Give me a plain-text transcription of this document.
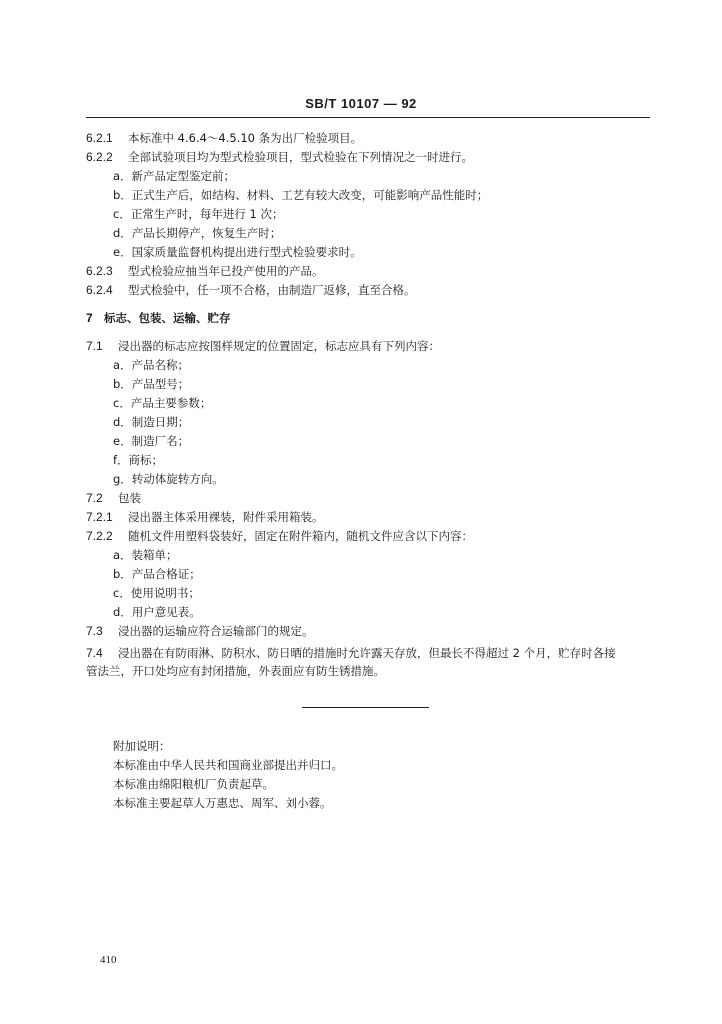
SB/T 10107 — 92
6.2.1 本标准中 4.6.4～4.5.10 条为出厂检验项目。
6.2.2 全部试验项目均为型式检验项目，型式检验在下列情况之一时进行。
a．新产品定型鉴定前；
b．正式生产后，如结构、材料、工艺有较大改变，可能影响产品性能时；
c．正常生产时，每年进行 1 次；
d．产品长期停产，恢复生产时；
e．国家质量监督机构提出进行型式检验要求时。
6.2.3 型式检验应抽当年已投产使用的产品。
6.2.4 型式检验中，任一项不合格，由制造厂返修，直至合格。
7 标志、包装、运输、贮存
7.1 浸出器的标志应按图样规定的位置固定，标志应具有下列内容：
a．产品名称；
b．产品型号；
c．产品主要参数；
d．制造日期；
e．制造厂名；
f．商标；
g．转动体旋转方向。
7.2 包装
7.2.1 浸出器主体采用裸装，附件采用箱装。
7.2.2 随机文件用塑料袋装好，固定在附件箱内，随机文件应含以下内容：
a．装箱单；
b．产品合格证；
c．使用说明书；
d．用户意见表。
7.3 浸出器的运输应符合运输部门的规定。
7.4 浸出器在有防雨淋、防积水、防日晒的措施时允许露天存放，但最长不得超过 2 个月，贮存时各接
管法兰，开口处均应有封闭措施，外表面应有防生锈措施。
附加说明：
本标准由中华人民共和国商业部提出并归口。
本标准由绵阳粮机厂负责起草。
本标准主要起草人万惠忠、周军、刘小蓉。
410
